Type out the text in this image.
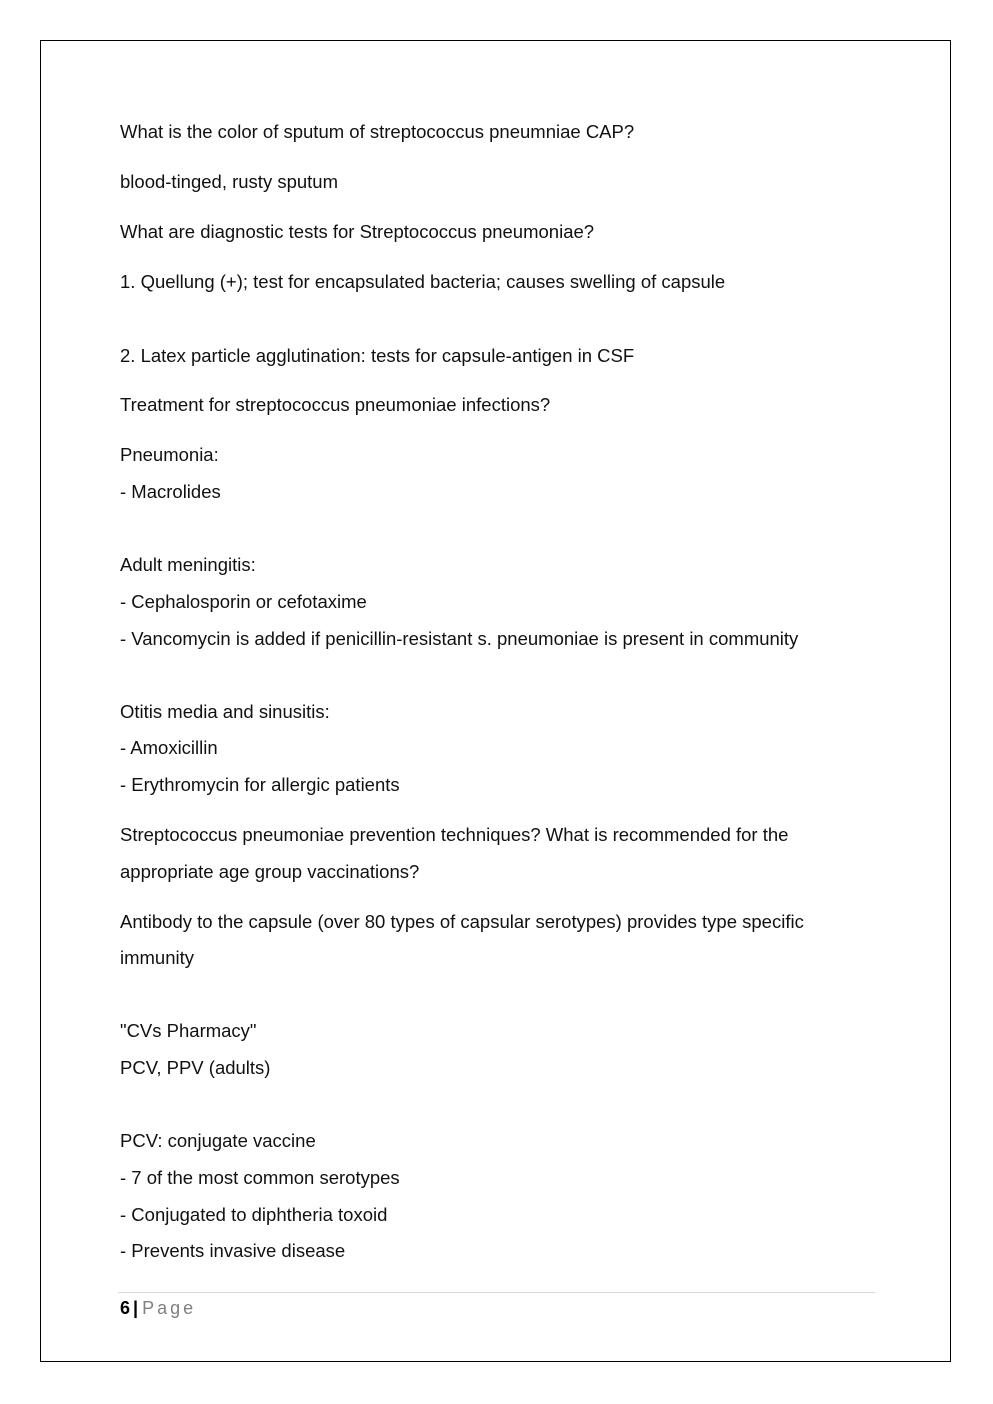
What is the color of sputum of streptococcus pneumniae CAP?
blood-tinged, rusty sputum
What are diagnostic tests for Streptococcus pneumoniae?
1. Quellung (+); test for encapsulated bacteria; causes swelling of capsule
2. Latex particle agglutination: tests for capsule-antigen in CSF
Treatment for streptococcus pneumoniae infections?
Pneumonia:
- Macrolides
Adult meningitis:
- Cephalosporin or cefotaxime
- Vancomycin is added if penicillin-resistant s. pneumoniae is present in community
Otitis media and sinusitis:
- Amoxicillin
- Erythromycin for allergic patients
Streptococcus pneumoniae prevention techniques? What is recommended for the
appropriate age group vaccinations?
Antibody to the capsule (over 80 types of capsular serotypes) provides type specific
immunity
"CVs Pharmacy"
PCV, PPV (adults)
PCV: conjugate vaccine
- 7 of the most common serotypes
- Conjugated to diphtheria toxoid
- Prevents invasive disease
6 | Page
